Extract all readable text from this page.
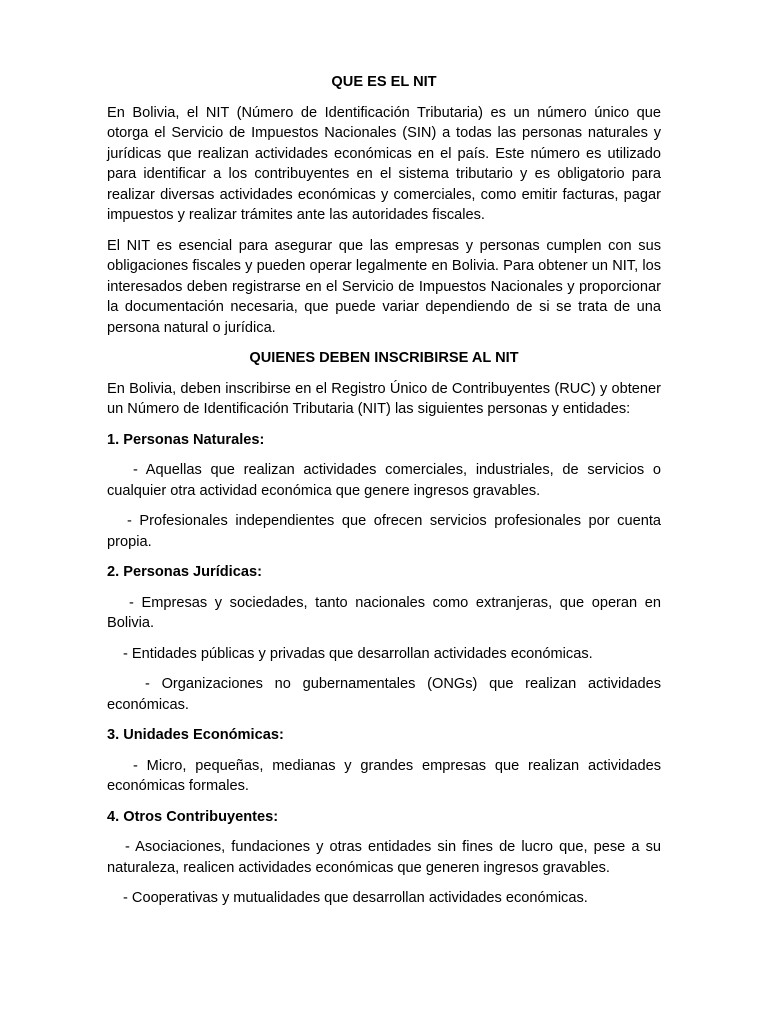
QUE ES EL NIT

En Bolivia, el NIT (Número de Identificación Tributaria) es un número único que otorga el Servicio de Impuestos Nacionales (SIN) a todas las personas naturales y jurídicas que realizan actividades económicas en el país. Este número es utilizado para identificar a los contribuyentes en el sistema tributario y es obligatorio para realizar diversas actividades económicas y comerciales, como emitir facturas, pagar impuestos y realizar trámites ante las autoridades fiscales.

El NIT es esencial para asegurar que las empresas y personas cumplen con sus obligaciones fiscales y pueden operar legalmente en Bolivia. Para obtener un NIT, los interesados deben registrarse en el Servicio de Impuestos Nacionales y proporcionar la documentación necesaria, que puede variar dependiendo de si se trata de una persona natural o jurídica.

QUIENES DEBEN INSCRIBIRSE AL NIT

En Bolivia, deben inscribirse en el Registro Único de Contribuyentes (RUC) y obtener un Número de Identificación Tributaria (NIT) las siguientes personas y entidades:

1. Personas Naturales:

- Aquellas que realizan actividades comerciales, industriales, de servicios o cualquier otra actividad económica que genere ingresos gravables.

- Profesionales independientes que ofrecen servicios profesionales por cuenta propia.

2. Personas Jurídicas:

- Empresas y sociedades, tanto nacionales como extranjeras, que operan en Bolivia.

- Entidades públicas y privadas que desarrollan actividades económicas.

- Organizaciones no gubernamentales (ONGs) que realizan actividades económicas.

3. Unidades Económicas:

- Micro, pequeñas, medianas y grandes empresas que realizan actividades económicas formales.

4. Otros Contribuyentes:

- Asociaciones, fundaciones y otras entidades sin fines de lucro que, pese a su naturaleza, realicen actividades económicas que generen ingresos gravables.

- Cooperativas y mutualidades que desarrollan actividades económicas.
